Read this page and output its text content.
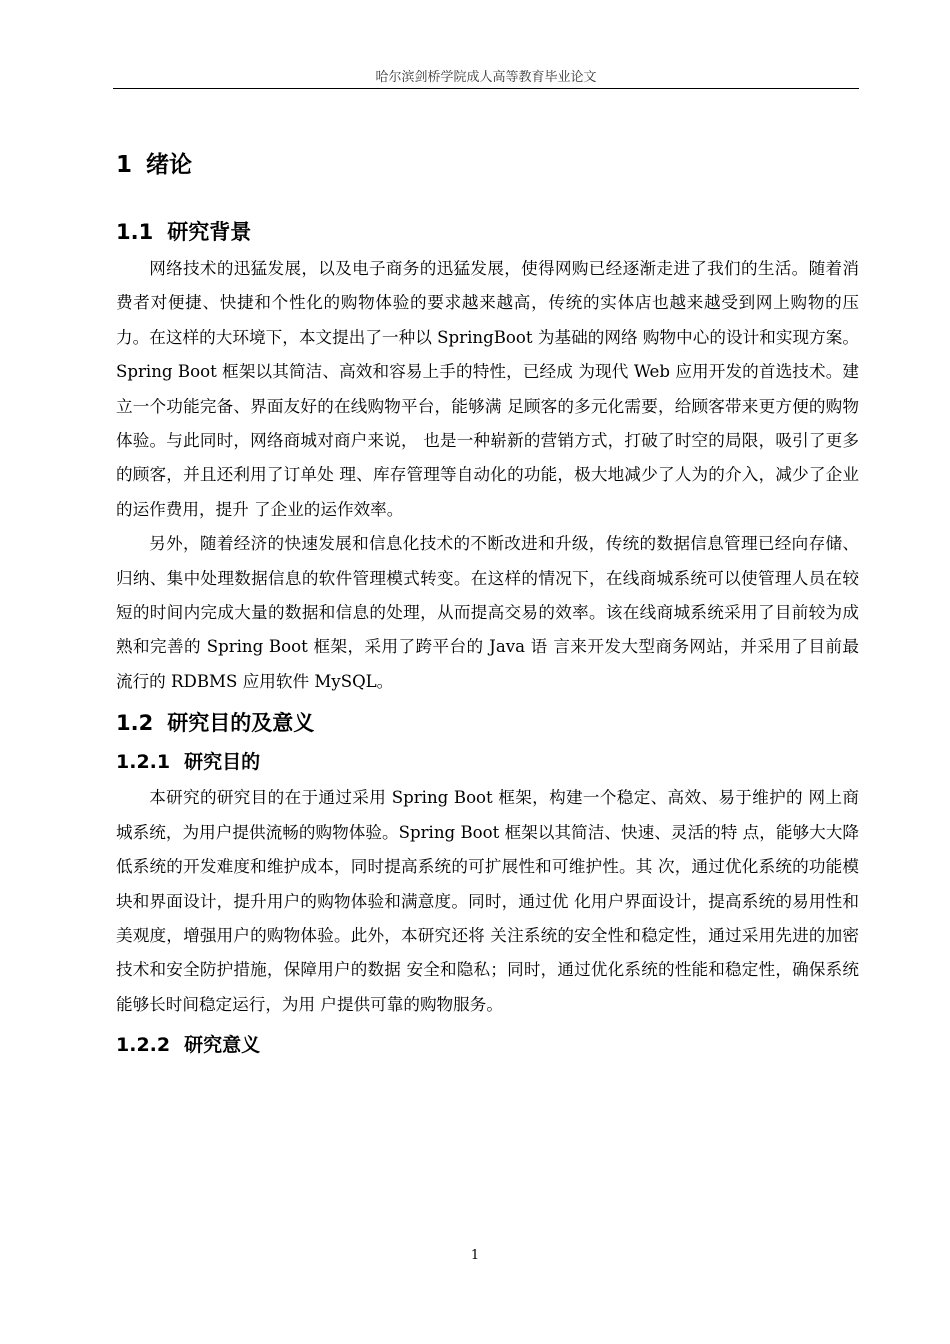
哈尔滨剑桥学院成人高等教育毕业论文
1 绪论
1.1 研究背景

网络技术的迅猛发展，以及电子商务的迅猛发展，使得网购已经逐渐走进了我们的生活。随着消费者对便捷、快捷和个性化的购物体验的要求越来越高，传统的实体店也越来越受到网上购物的压力。在这样的大环境下，本文提出了一种以 SpringBoot 为基础的网络 购物中心的设计和实现方案。Spring Boot 框架以其简洁、高效和容易上手的特性，已经成 为现代 Web 应用开发的首选技术。建立一个功能完备、界面友好的在线购物平台，能够满 足顾客的多元化需要，给顾客带来更方便的购物体验。与此同时，网络商城对商户来说， 也是一种崭新的营销方式，打破了时空的局限，吸引了更多的顾客，并且还利用了订单处 理、库存管理等自动化的功能，极大地减少了人为的介入，减少了企业的运作费用，提升 了企业的运作效率。

另外，随着经济的快速发展和信息化技术的不断改进和升级，传统的数据信息管理已经向存储、归纳、集中处理数据信息的软件管理模式转变。在这样的情况下，在线商城系统可以使管理人员在较短的时间内完成大量的数据和信息的处理，从而提高交易的效率。该在线商城系统采用了目前较为成熟和完善的 Spring Boot 框架，采用了跨平台的 Java 语 言来开发大型商务网站，并采用了目前最流行的 RDBMS 应用软件 MySQL。

1.2 研究目的及意义
1.2.1 研究目的

本研究的研究目的在于通过采用 Spring Boot 框架，构建一个稳定、高效、易于维护的 网上商城系统，为用户提供流畅的购物体验。Spring Boot 框架以其简洁、快速、灵活的特 点，能够大大降低系统的开发难度和维护成本，同时提高系统的可扩展性和可维护性。其 次，通过优化系统的功能模块和界面设计，提升用户的购物体验和满意度。同时，通过优 化用户界面设计，提高系统的易用性和美观度，增强用户的购物体验。此外，本研究还将 关注系统的安全性和稳定性，通过采用先进的加密技术和安全防护措施，保障用户的数据 安全和隐私；同时，通过优化系统的性能和稳定性，确保系统能够长时间稳定运行，为用 户提供可靠的购物服务。

1.2.2 研究意义
1
